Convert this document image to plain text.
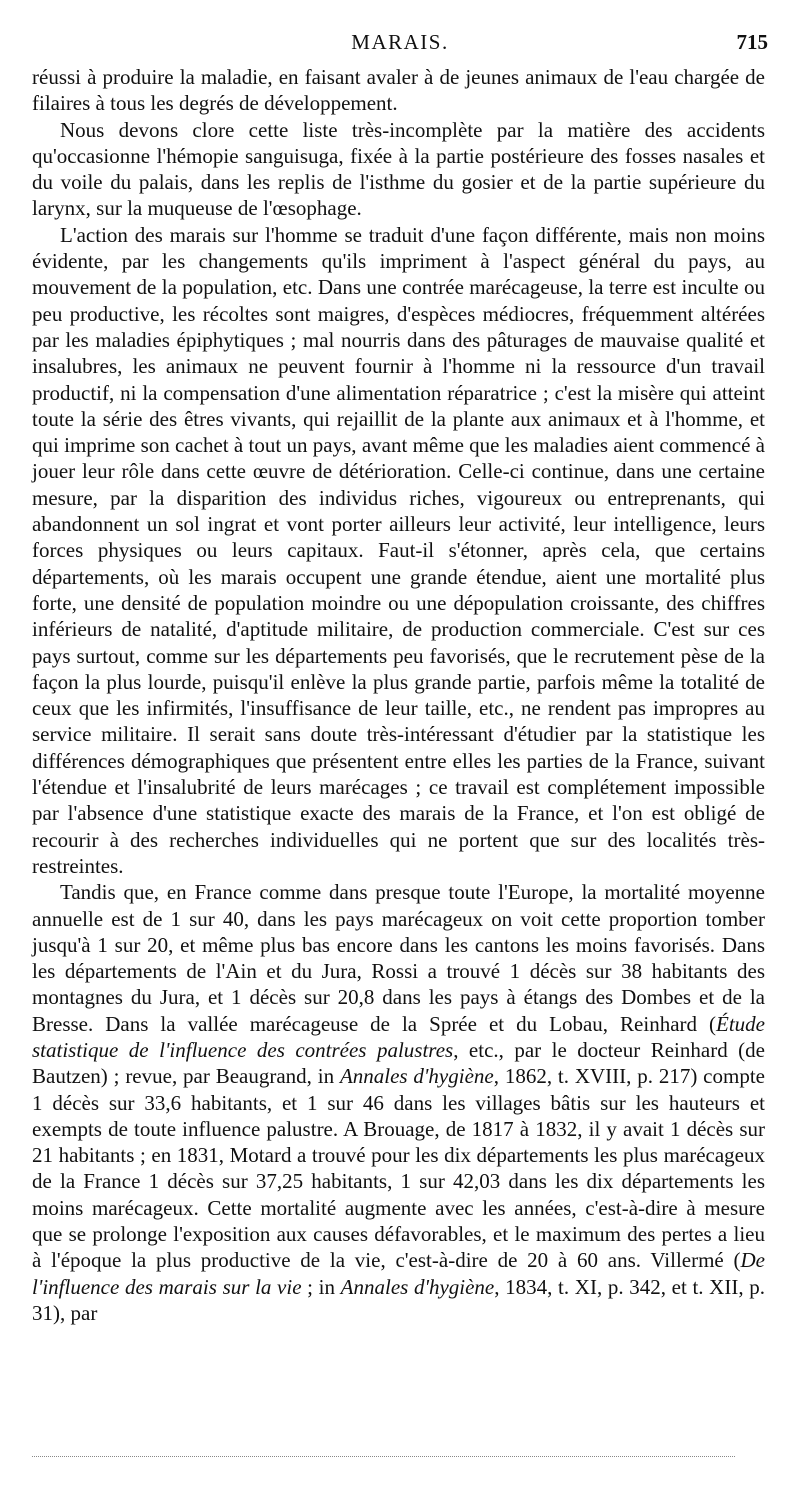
MARAIS.	715

réussi à produire la maladie, en faisant avaler à de jeunes animaux de l'eau chargée de filaires à tous les degrés de développement.

Nous devons clore cette liste très-incomplète par la matière des accidents qu'occasionne l'hémopie sanguisuga, fixée à la partie postérieure des fosses nasales et du voile du palais, dans les replis de l'isthme du gosier et de la partie supérieure du larynx, sur la muqueuse de l'œsophage.

L'action des marais sur l'homme se traduit d'une façon différente, mais non moins évidente, par les changements qu'ils impriment à l'aspect général du pays, au mouvement de la population, etc. Dans une contrée marécageuse, la terre est inculte ou peu productive, les récoltes sont maigres, d'espèces médiocres, fréquemment altérées par les maladies épiphytiques ; mal nourris dans des pâturages de mauvaise qualité et insalubres, les animaux ne peuvent fournir à l'homme ni la ressource d'un travail productif, ni la compensation d'une alimentation réparatrice ; c'est la misère qui atteint toute la série des êtres vivants, qui rejaillit de la plante aux animaux et à l'homme, et qui imprime son cachet à tout un pays, avant même que les maladies aient commencé à jouer leur rôle dans cette œuvre de détérioration. Celle-ci continue, dans une certaine mesure, par la disparition des individus riches, vigoureux ou entreprenants, qui abandonnent un sol ingrat et vont porter ailleurs leur activité, leur intelligence, leurs forces physiques ou leurs capitaux. Faut-il s'étonner, après cela, que certains départements, où les marais occupent une grande étendue, aient une mortalité plus forte, une densité de population moindre ou une dépopulation croissante, des chiffres inférieurs de natalité, d'aptitude militaire, de production commerciale. C'est sur ces pays surtout, comme sur les départements peu favorisés, que le recrutement pèse de la façon la plus lourde, puisqu'il enlève la plus grande partie, parfois même la totalité de ceux que les infirmités, l'insuffisance de leur taille, etc., ne rendent pas impropres au service militaire. Il serait sans doute très-intéressant d'étudier par la statistique les différences démographiques que présentent entre elles les parties de la France, suivant l'étendue et l'insalubrité de leurs marécages ; ce travail est complétement impossible par l'absence d'une statistique exacte des marais de la France, et l'on est obligé de recourir à des recherches individuelles qui ne portent que sur des localités très-restreintes.

Tandis que, en France comme dans presque toute l'Europe, la mortalité moyenne annuelle est de 1 sur 40, dans les pays marécageux on voit cette proportion tomber jusqu'à 1 sur 20, et même plus bas encore dans les cantons les moins favorisés. Dans les départements de l'Ain et du Jura, Rossi a trouvé 1 décès sur 38 habitants des montagnes du Jura, et 1 décès sur 20,8 dans les pays à étangs des Dombes et de la Bresse. Dans la vallée marécageuse de la Sprée et du Lobau, Reinhard (Étude statistique de l'influence des contrées palustres, etc., par le docteur Reinhard (de Bautzen) ; revue, par Beaugrand, in Annales d'hygiène, 1862, t. XVIII, p. 217) compte 1 décès sur 33,6 habitants, et 1 sur 46 dans les villages bâtis sur les hauteurs et exempts de toute influence palustre. A Brouage, de 1817 à 1832, il y avait 1 décès sur 21 habitants ; en 1831, Motard a trouvé pour les dix départements les plus marécageux de la France 1 décès sur 37,25 habitants, 1 sur 42,03 dans les dix départements les moins marécageux. Cette mortalité augmente avec les années, c'est-à-dire à mesure que se prolonge l'exposition aux causes défavorables, et le maximum des pertes a lieu à l'époque la plus productive de la vie, c'est-à-dire de 20 à 60 ans. Villermé (De l'influence des marais sur la vie ; in Annales d'hygiène, 1834, t. XI, p. 342, et t. XII, p. 31), par
